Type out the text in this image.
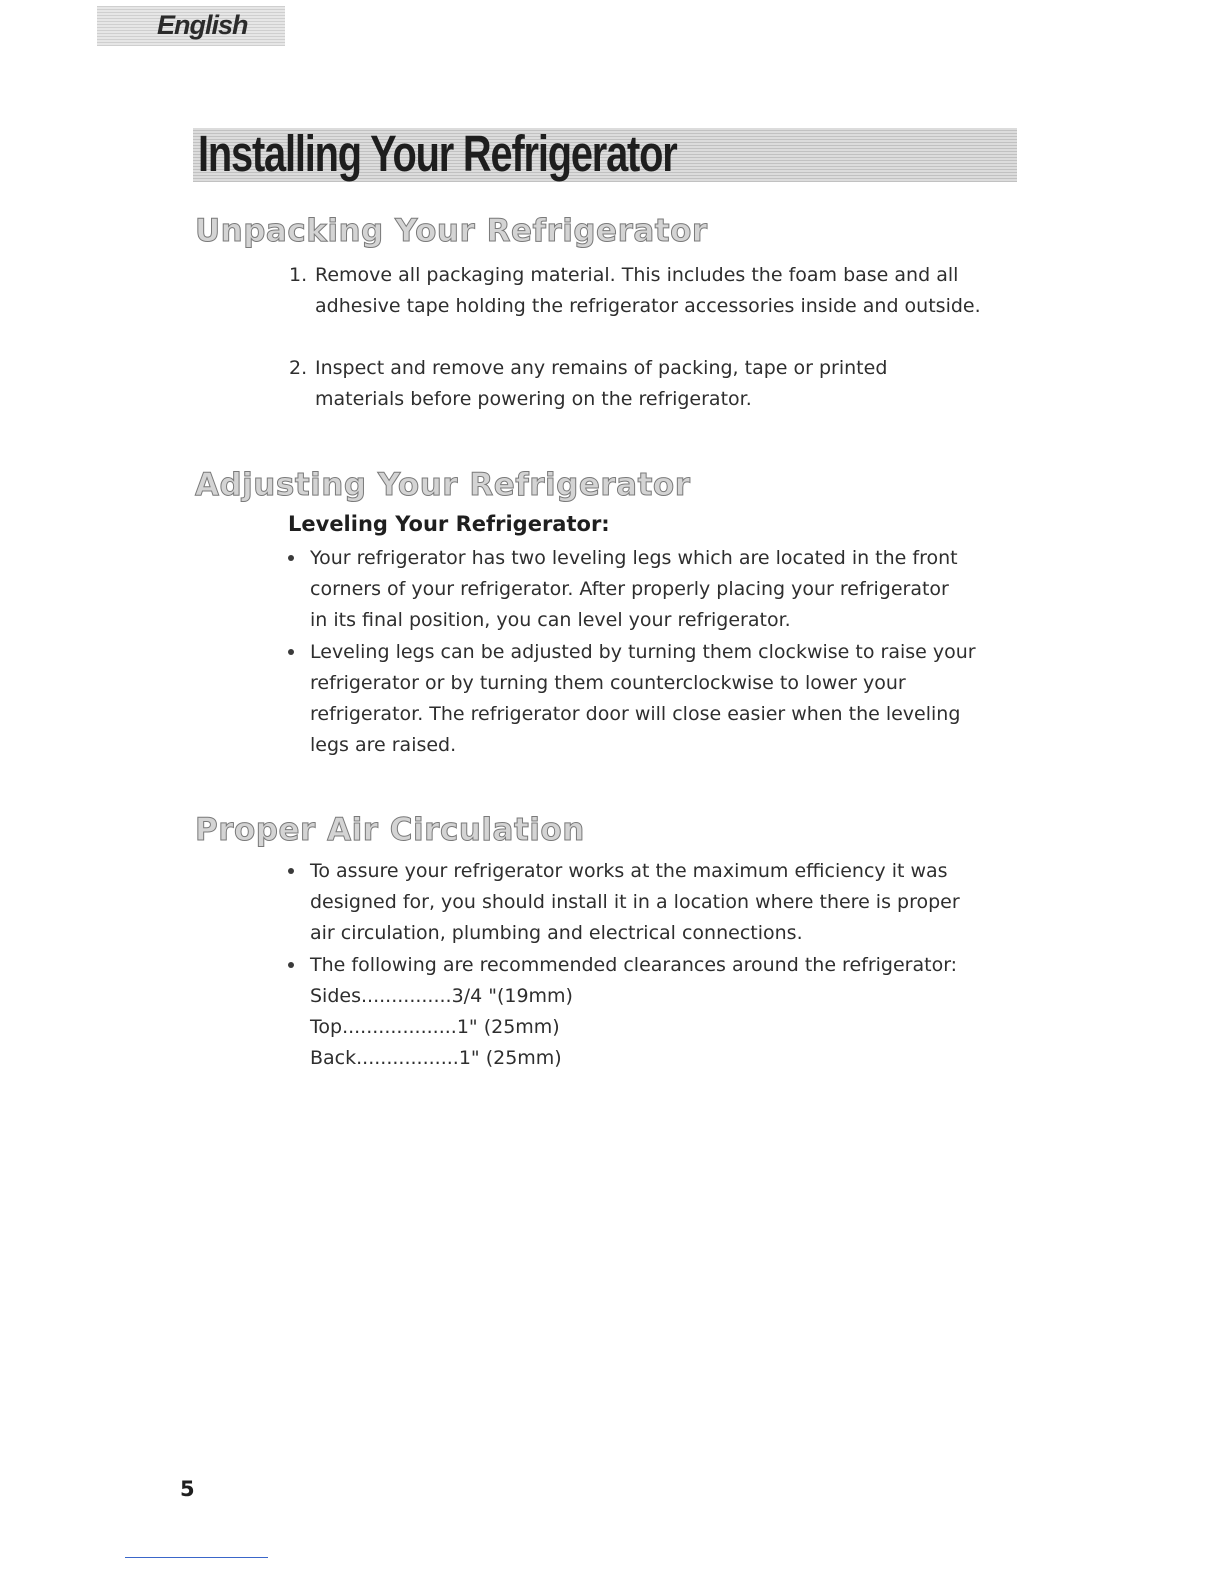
English
Installing Your Refrigerator
Unpacking Your Refrigerator
1. Remove all packaging material. This includes the foam base and all adhesive tape holding the refrigerator accessories inside and outside.
2. Inspect and remove any remains of packing, tape or printed materials before powering on the refrigerator.
Adjusting Your Refrigerator
Leveling Your Refrigerator:
Your refrigerator has two leveling legs which are located in the front corners of your refrigerator. After properly placing your refrigerator in its final position, you can level your refrigerator.
Leveling legs can be adjusted by turning them clockwise to raise your refrigerator or by turning them counterclockwise to lower your refrigerator. The refrigerator door will close easier when the leveling legs are raised.
Proper Air Circulation
To assure your refrigerator works at the maximum efficiency it was designed for, you should install it in a location where there is proper air circulation, plumbing and electrical connections.
The following are recommended clearances around the refrigerator:
Sides...............3/4 "(19mm)
Top...................1" (25mm)
Back.................1" (25mm)
5
